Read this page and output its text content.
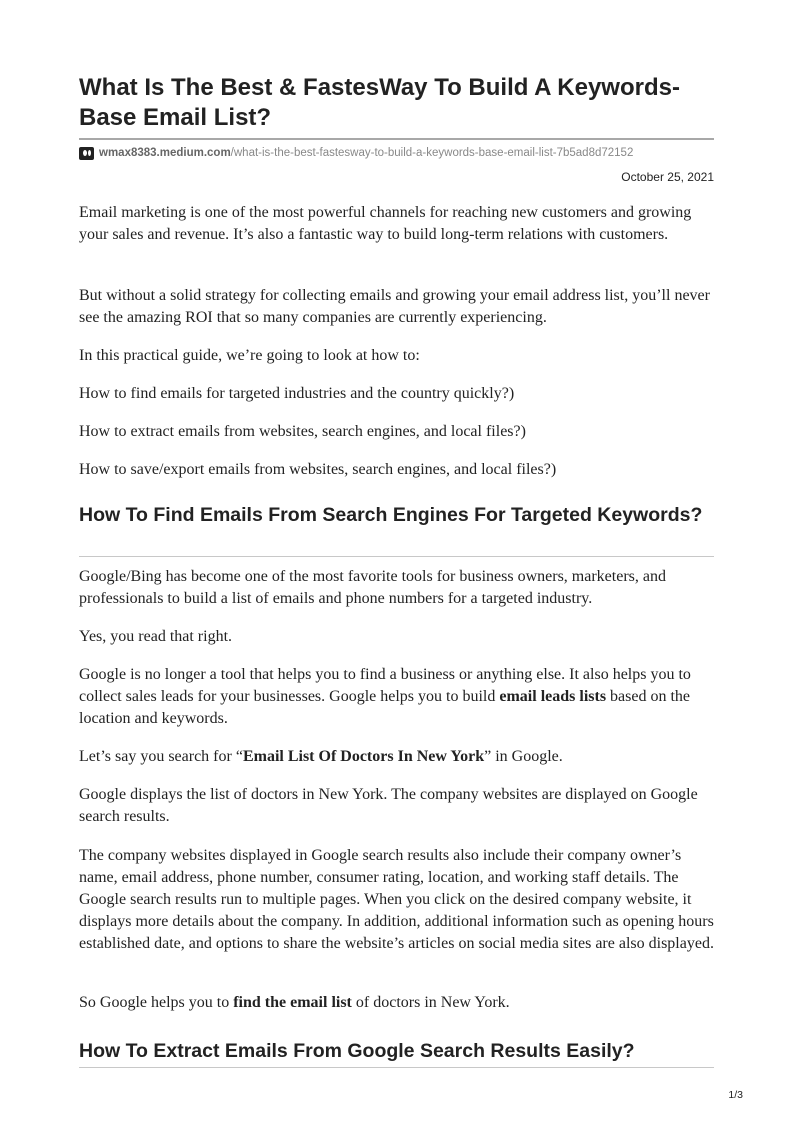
What Is The Best & FastesWay To Build A Keywords-Base Email List?
wmax8383.medium.com /what-is-the-best-fastesway-to-build-a-keywords-base-email-list-7b5ad8d72152
October 25, 2021

Email marketing is one of the most powerful channels for reaching new customers and growing your sales and revenue. It’s also a fantastic way to build long-term relations with customers.

But without a solid strategy for collecting emails and growing your email address list, you’ll never see the amazing ROI that so many companies are currently experiencing.

In this practical guide, we’re going to look at how to:

How to find emails for targeted industries and the country quickly?)

How to extract emails from websites, search engines, and local files?)

How to save/export emails from websites, search engines, and local files?)

How To Find Emails From Search Engines For Targeted Keywords?

Google/Bing has become one of the most favorite tools for business owners, marketers, and professionals to build a list of emails and phone numbers for a targeted industry.

Yes, you read that right.

Google is no longer a tool that helps you to find a business or anything else. It also helps you to collect sales leads for your businesses. Google helps you to build email leads lists based on the location and keywords.

Let’s say you search for “Email List Of Doctors In New York” in Google.

Google displays the list of doctors in New York. The company websites are displayed on Google search results.

The company websites displayed in Google search results also include their company owner’s name, email address, phone number, consumer rating, location, and working staff details. The Google search results run to multiple pages. When you click on the desired company website, it displays more details about the company. In addition, additional information such as opening hours established date, and options to share the website’s articles on social media sites are also displayed.

So Google helps you to find the email list of doctors in New York.

How To Extract Emails From Google Search Results Easily?
1/3
